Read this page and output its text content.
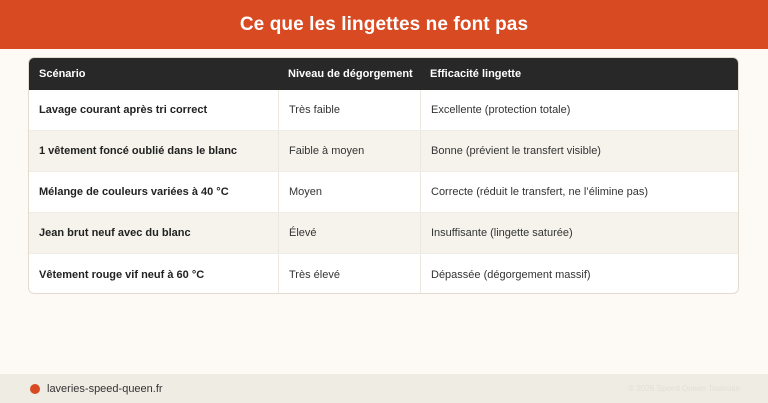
Ce que les lingettes ne font pas
Scénario	Niveau de dégorgement	Efficacité lingette
Lavage courant après tri correct	Très faible	Excellente (protection totale)
1 vêtement foncé oublié dans le blanc	Faible à moyen	Bonne (prévient le transfert visible)
Mélange de couleurs variées à 40 °C	Moyen	Correcte (réduit le transfert, ne l’élimine pas)
Jean brut neuf avec du blanc	Élevé	Insuffisante (lingette saturée)
Vêtement rouge vif neuf à 60 °C	Très élevé	Dépassée (dégorgement massif)
laveries-speed-queen.fr	© 2026 Speed Queen Toulouse
